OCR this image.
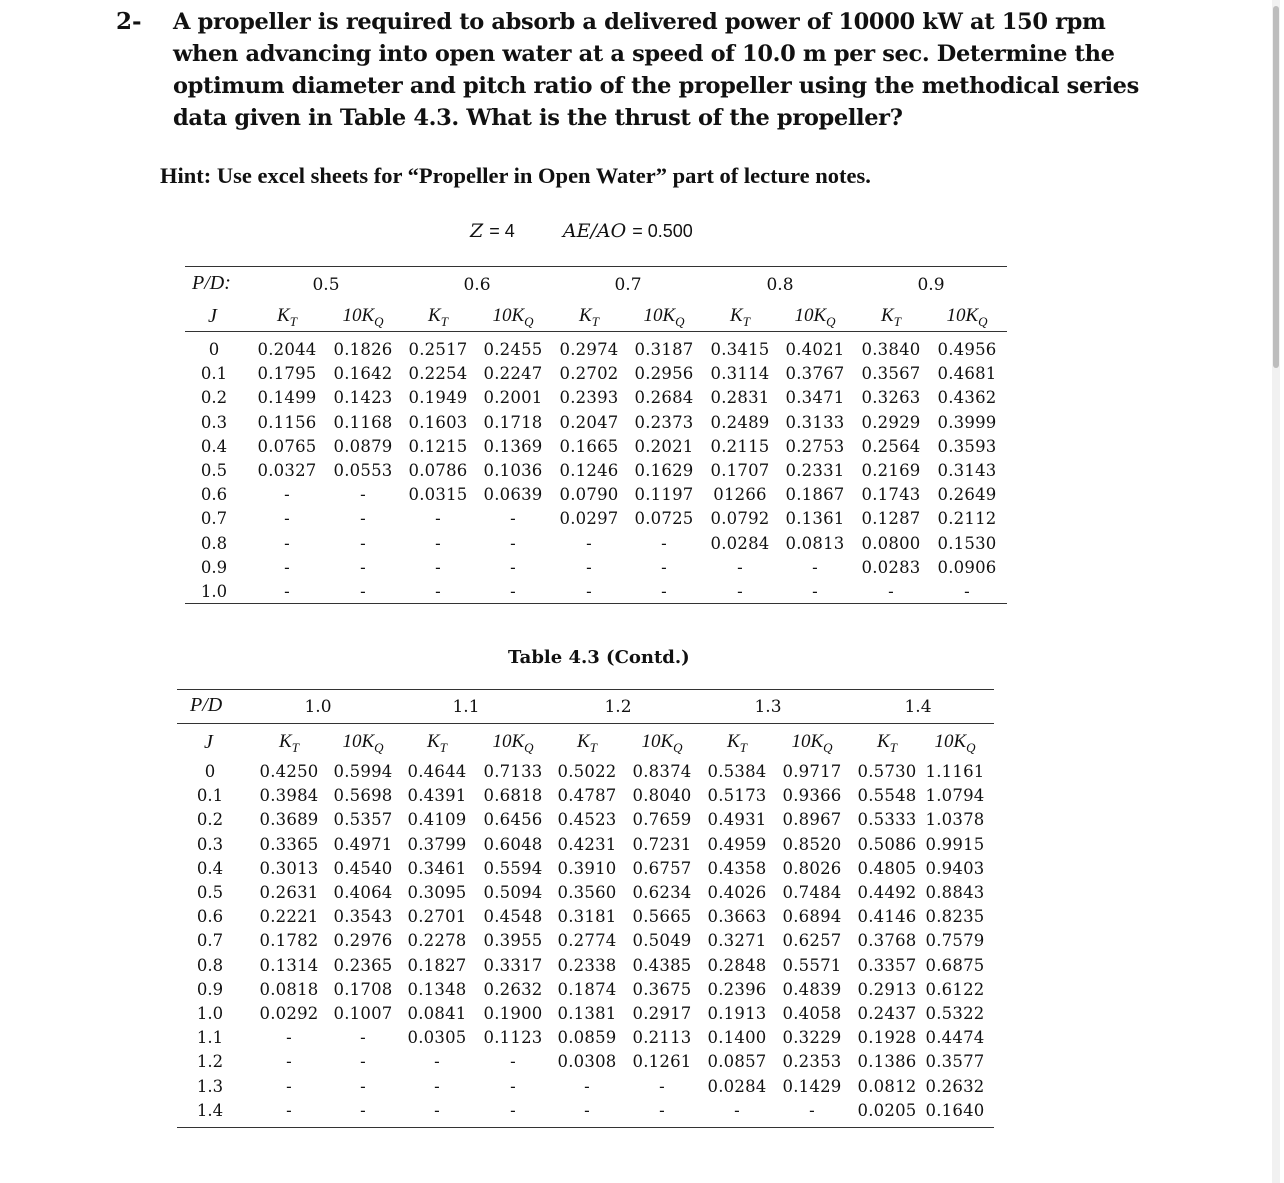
2- A propeller is required to absorb a delivered power of 10000 kW at 150 rpm
when advancing into open water at a speed of 10.0 m per sec. Determine the
optimum diameter and pitch ratio of the propeller using the methodical series
data given in Table 4.3. What is the thrust of the propeller?
Hint: Use excel sheets for “Propeller in Open Water” part of lecture notes.
Z = 4	AE/AO = 0.500
P/D:	0.5	0.6	0.7	0.8	0.9
J	$K_T$	$10K_Q$	$K_T$	$10K_Q$	$K_T$	$10K_Q$	$K_T$	$10K_Q$	$K_T$	$10K_Q$
0	0.2044	0.1826 0.2517 0.2455	0.2974 0.3187	0.3415 0.4021	0.3840	0.4956
0.1	0.1795	0.1642 0.2254 0.2247	0.2702 0.2956	0.3114 0.3767	0.3567	0.4681
0.2	0.1499	0.1423 0.1949 0.2001	0.2393 0.2684	0.2831 0.3471	0.3263	0.4362
0.3	0.1156	0.1168 0.1603 0.1718	0.2047 0.2373	0.2489 0.3133	0.2929	0.3999
0.4	0.0765	0.0879 0.1215 0.1369	0.1665 0.2021	0.2115 0.2753	0.2564	0.3593
0.5	0.0327	0.0553 0.0786 0.1036	0.1246 0.1629	0.1707 0.2331	0.2169	0.3143
0.6	-	-	0.0315 0.0639	0.0790 0.1197	01266	0.1867	0.1743	0.2649
0.7	-	-	-	-	0.0297 0.0725	0.0792 0.1361	0.1287	0.2112
0.8	-	-	-	-	-	-	0.0284 0.0813	0.0800	0.1530
0.9	-	-	-	-	-	-	-	-	0.0283	0.0906
1.0	-	-	-	-	-	-	-	-	-	-
Table 4.3 (Contd.)
P/D	1.0	1.1	1.2	1.3	1.4
J	$K_T$	$10K_Q$	$K_T$	$10K_Q$	$K_T$	$10K_Q$	$K_T$	$10K_Q$	$K_T$	$10K_Q$
0	0.4250 0.5994 0.4644	0.7133 0.5022 0.8374 0.5384 0.9717 0.5730 1.1161
0.1	0.3984 0.5698 0.4391	0.6818 0.4787 0.8040 0.5173 0.9366 0.5548 1.0794
0.2	0.3689 0.5357 0.4109	0.6456 0.4523 0.7659 0.4931 0.8967 0.5333 1.0378
0.3	0.3365 0.4971 0.3799	0.6048 0.4231 0.7231 0.4959 0.8520 0.5086 0.9915
0.4	0.3013 0.4540 0.3461	0.5594 0.3910 0.6757 0.4358 0.8026 0.4805 0.9403
0.5	0.2631 0.4064 0.3095	0.5094 0.3560 0.6234 0.4026 0.7484 0.4492 0.8843
0.6	0.2221 0.3543 0.2701	0.4548 0.3181 0.5665 0.3663 0.6894 0.4146 0.8235
0.7	0.1782 0.2976 0.2278	0.3955 0.2774 0.5049 0.3271 0.6257 0.3768 0.7579
0.8	0.1314 0.2365 0.1827	0.3317 0.2338 0.4385 0.2848 0.5571 0.3357 0.6875
0.9	0.0818 0.1708 0.1348	0.2632 0.1874 0.3675 0.2396 0.4839 0.2913 0.6122
1.0	0.0292 0.1007 0.0841	0.1900 0.1381 0.2917 0.1913 0.4058 0.2437 0.5322
1.1	-	-	0.0305	0.1123 0.0859 0.2113 0.1400 0.3229 0.1928 0.4474
1.2	-	-	-	-	0.0308 0.1261 0.0857 0.2353 0.1386 0.3577
1.3	-	-	-	-	-	-	0.0284 0.1429 0.0812 0.2632
1.4	-	-	-	-	-	-	-	-	0.0205 0.1640
